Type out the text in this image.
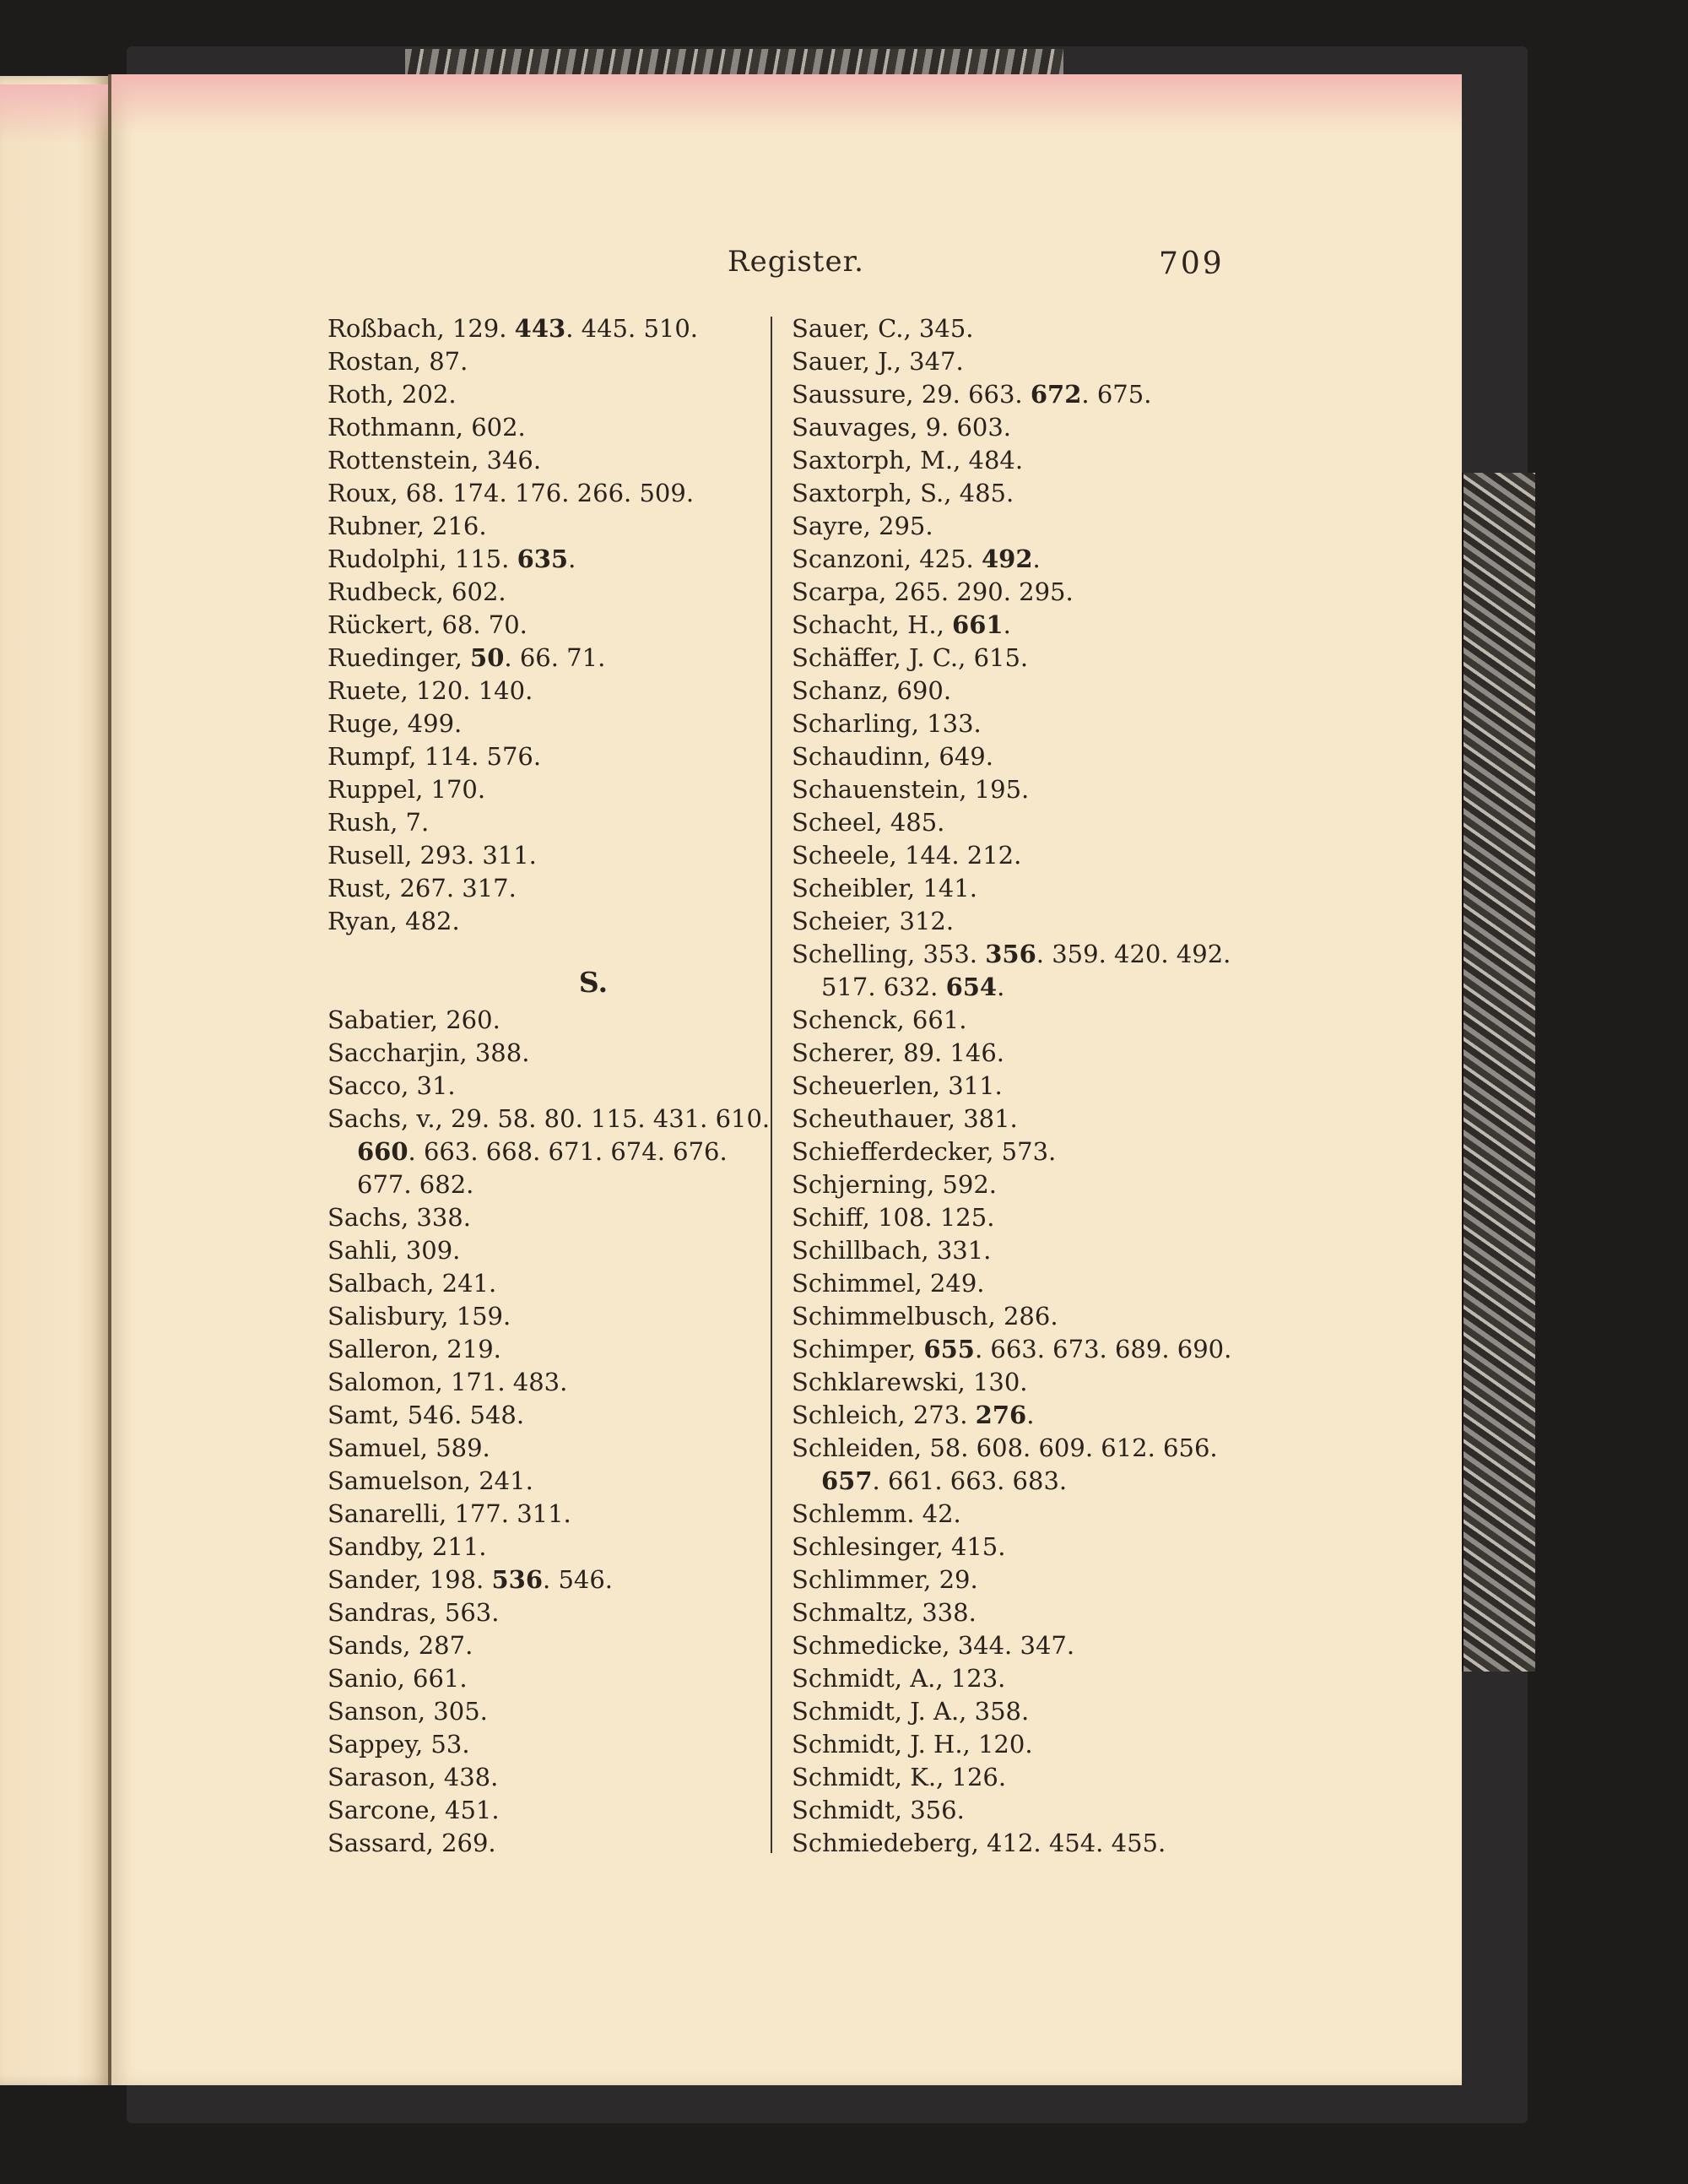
Register.	709
Roßbach, 129. 443. 445. 510.
Rostan, 87.
Roth, 202.
Rothmann, 602.
Rottenstein, 346.
Roux, 68. 174. 176. 266. 509.
Rubner, 216.
Rudolphi, 115. 635.
Rudbeck, 602.
Rückert, 68. 70.
Ruedinger, 50. 66. 71.
Ruete, 120. 140.
Ruge, 499.
Rumpf, 114. 576.
Ruppel, 170.
Rush, 7.
Rusell, 293. 311.
Rust, 267. 317.
Ryan, 482.
S.
Sabatier, 260.
Saccharjin, 388.
Sacco, 31.
Sachs, v., 29. 58. 80. 115. 431. 610.
660. 663. 668. 671. 674. 676.
677. 682.
Sachs, 338.
Sahli, 309.
Salbach, 241.
Salisbury, 159.
Salleron, 219.
Salomon, 171. 483.
Samt, 546. 548.
Samuel, 589.
Samuelson, 241.
Sanarelli, 177. 311.
Sandby, 211.
Sander, 198. 536. 546.
Sandras, 563.
Sands, 287.
Sanio, 661.
Sanson, 305.
Sappey, 53.
Sarason, 438.
Sarcone, 451.
Sassard, 269.
Sauer, C., 345.
Sauer, J., 347.
Saussure, 29. 663. 672. 675.
Sauvages, 9. 603.
Saxtorph, M., 484.
Saxtorph, S., 485.
Sayre, 295.
Scanzoni, 425. 492.
Scarpa, 265. 290. 295.
Schacht, H., 661.
Schäffer, J. C., 615.
Schanz, 690.
Scharling, 133.
Schaudinn, 649.
Schauenstein, 195.
Scheel, 485.
Scheele, 144. 212.
Scheibler, 141.
Scheier, 312.
Schelling, 353. 356. 359. 420. 492.
517. 632. 654.
Schenck, 661.
Scherer, 89. 146.
Scheuerlen, 311.
Scheuthauer, 381.
Schiefferdecker, 573.
Schjerning, 592.
Schiff, 108. 125.
Schillbach, 331.
Schimmel, 249.
Schimmelbusch, 286.
Schimper, 655. 663. 673. 689. 690.
Schklarewski, 130.
Schleich, 273. 276.
Schleiden, 58. 608. 609. 612. 656.
657. 661. 663. 683.
Schlemm. 42.
Schlesinger, 415.
Schlimmer, 29.
Schmaltz, 338.
Schmedicke, 344. 347.
Schmidt, A., 123.
Schmidt, J. A., 358.
Schmidt, J. H., 120.
Schmidt, K., 126.
Schmidt, 356.
Schmiedeberg, 412. 454. 455.
